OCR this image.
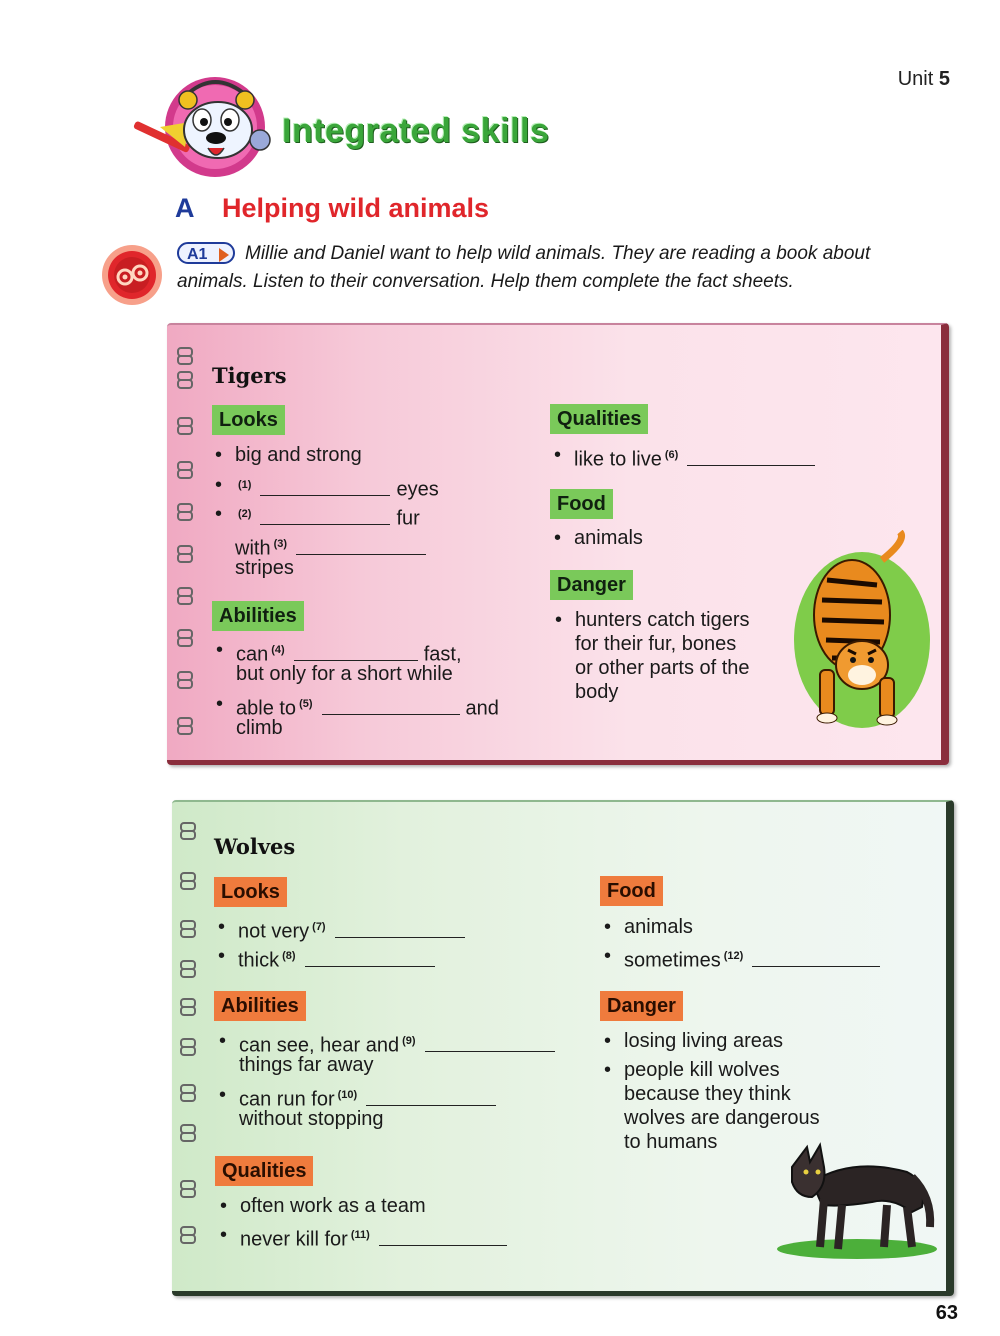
Unit 5
Integrated skills
A Helping wild animals
Millie and Daniel want to help wild animals. They are reading a book about animals. Listen to their conversation. Help them complete the fact sheets.
A1
Tigers
Looks
• big and strong
• $^{(1)}$	eyes
• $^{(2)}$	fur
with $^{(3)}$
stripes
Abilities
• can $^{(4)}$	fast,
but only for a short while
• able to $^{(5)}$	and
climb
Qualities
• like to live $^{(6)}$
Food
• animals
Danger
• hunters catch tigers
for their fur, bones
or other parts of the
body
Wolves
Looks
• not very $^{(7)}$
• thick $^{(8)}$
Abilities
• can see, hear and $^{(9)}$
things far away
• can run for $^{(10)}$
without stopping
Qualities
• often work as a team
• never kill for $^{(11)}$
Food
• animals
• sometimes $^{(12)}$
Danger
• losing living areas
• people kill wolves
because they think
wolves are dangerous
to humans
63
